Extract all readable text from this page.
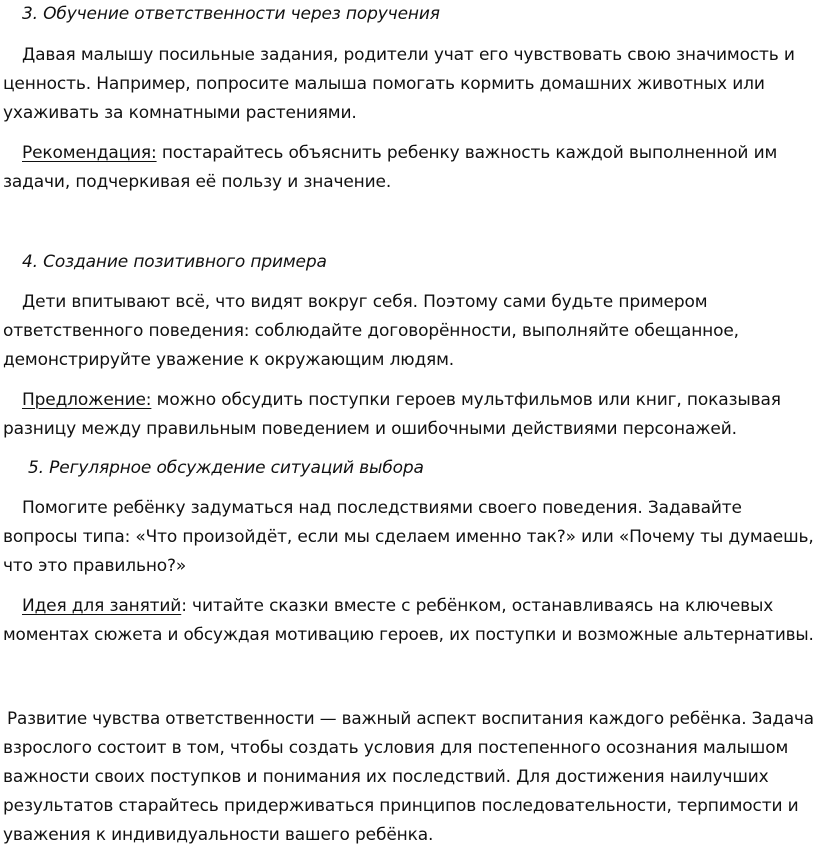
3. Обучение ответственности через поручения

Давая малышу посильные задания, родители учат его чувствовать свою значимость и

ценность. Например, попросите малыша помогать кормить домашних животных или

ухаживать за комнатными растениями.

Рекомендация: постарайтесь объяснить ребенку важность каждой выполненной им

задачи, подчеркивая её пользу и значение.

4. Создание позитивного примера

Дети впитывают всё, что видят вокруг себя. Поэтому сами будьте примером

ответственного поведения: соблюдайте договорённости, выполняйте обещанное,

демонстрируйте уважение к окружающим людям.

Предложение: можно обсудить поступки героев мультфильмов или книг, показывая

разницу между правильным поведением и ошибочными действиями персонажей.

5. Регулярное обсуждение ситуаций выбора

Помогите ребёнку задуматься над последствиями своего поведения. Задавайте

вопросы типа: «Что произойдёт, если мы сделаем именно так?» или «Почему ты думаешь,

что это правильно?»

Идея для занятий: читайте сказки вместе с ребёнком, останавливаясь на ключевых

моментах сюжета и обсуждая мотивацию героев, их поступки и возможные альтернативы.

Развитие чувства ответственности — важный аспект воспитания каждого ребёнка. Задача

взрослого состоит в том, чтобы создать условия для постепенного осознания малышом

важности своих поступков и понимания их последствий. Для достижения наилучших

результатов старайтесь придерживаться принципов последовательности, терпимости и

уважения к индивидуальности вашего ребёнка.
